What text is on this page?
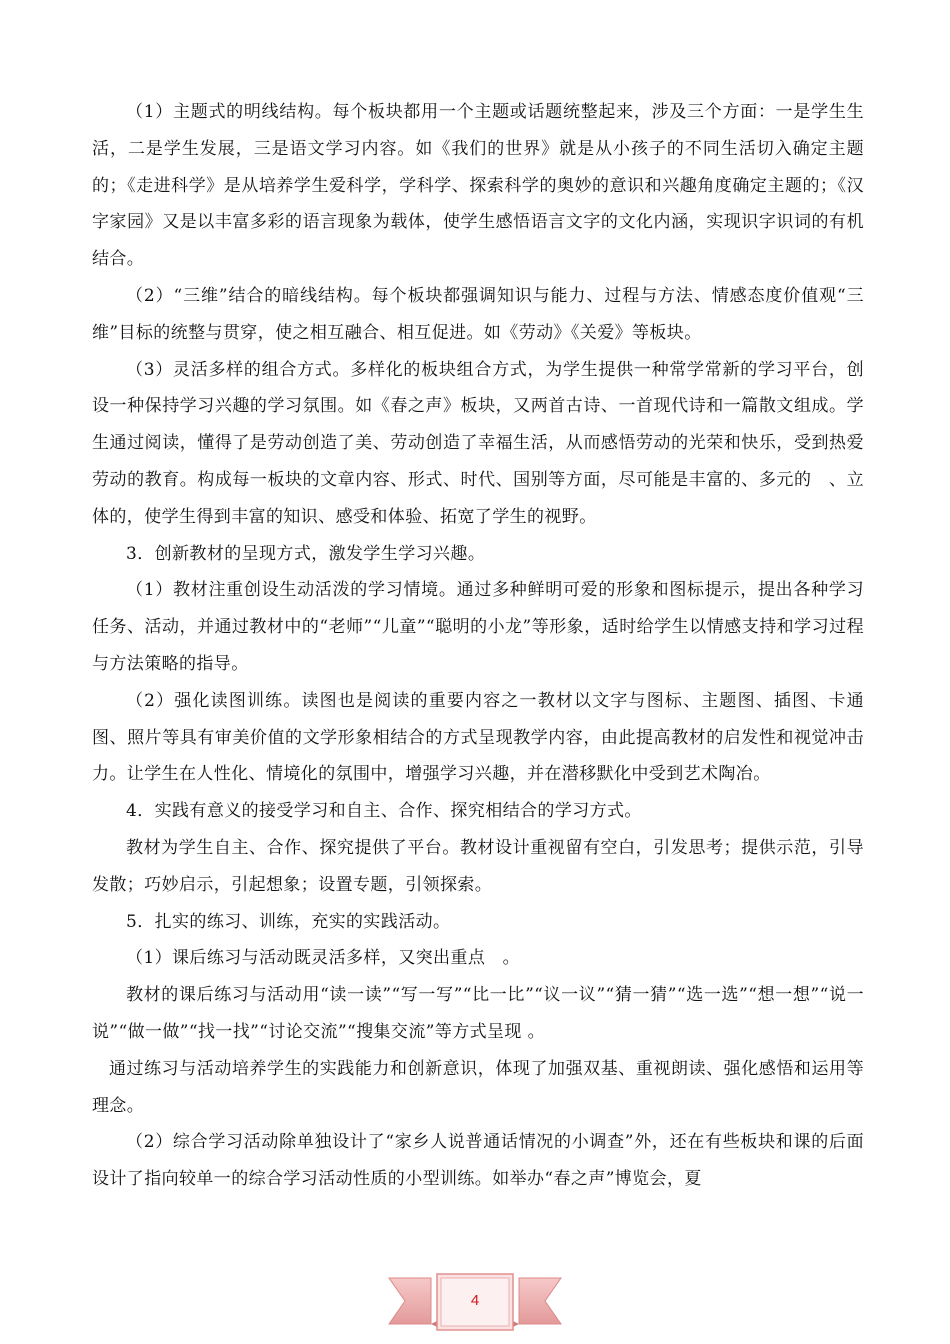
（1）主题式的明线结构。每个板块都用一个主题或话题统整起来，涉及三个方面：一是学生生活，二是学生发展，三是语文学习内容。如《我们的世界》就是从小孩子的不同生活切入确定主题的；《走进科学》是从培养学生爱科学，学科学、探索科学的奥妙的意识和兴趣角度确定主题的；《汉字家园》又是以丰富多彩的语言现象为载体，使学生感悟语言文字的文化内涵，实现识字识词的有机结合。

（2）“三维”结合的暗线结构。每个板块都强调知识与能力、过程与方法、情感态度价值观“三维”目标的统整与贯穿，使之相互融合、相互促进。如《劳动》《关爱》等板块。

（3）灵活多样的组合方式。多样化的板块组合方式，为学生提供一种常学常新的学习平台，创设一种保持学习兴趣的学习氛围。如《春之声》板块，又两首古诗、一首现代诗和一篇散文组成。学生通过阅读，懂得了是劳动创造了美、劳动创造了幸福生活，从而感悟劳动的光荣和快乐，受到热爱劳动的教育。构成每一板块的文章内容、形式、时代、国别等方面，尽可能是丰富的、多元的　、立体的，使学生得到丰富的知识、感受和体验、拓宽了学生的视野。

3．创新教材的呈现方式，激发学生学习兴趣。

（1）教材注重创设生动活泼的学习情境。通过多种鲜明可爱的形象和图标提示，提出各种学习任务、活动，并通过教材中的“老师”“儿童”“聪明的小龙”等形象，适时给学生以情感支持和学习过程与方法策略的指导。

（2）强化读图训练。读图也是阅读的重要内容之一教材以文字与图标、主题图、插图、卡通图、照片等具有审美价值的文学形象相结合的方式呈现教学内容，由此提高教材的启发性和视觉冲击力。让学生在人性化、情境化的氛围中，增强学习兴趣，并在潜移默化中受到艺术陶冶。

4．实践有意义的接受学习和自主、合作、探究相结合的学习方式。

教材为学生自主、合作、探究提供了平台。教材设计重视留有空白，引发思考；提供示范，引导发散；巧妙启示，引起想象；设置专题，引领探索。

5．扎实的练习、训练，充实的实践活动。

（1）课后练习与活动既灵活多样，又突出重点　。

教材的课后练习与活动用“读一读”“写一写”“比一比”“议一议”“猜一猜”“选一选”“想一想”“说一说”“做一做”“找一找”“讨论交流”“搜集交流”等方式呈现 。

通过练习与活动培养学生的实践能力和创新意识，体现了加强双基、重视朗读、强化感悟和运用等理念。

（2）综合学习活动除单独设计了“家乡人说普通话情况的小调查”外，还在有些板块和课的后面设计了指向较单一的综合学习活动性质的小型训练。如举办“春之声”博览会，夏

4
